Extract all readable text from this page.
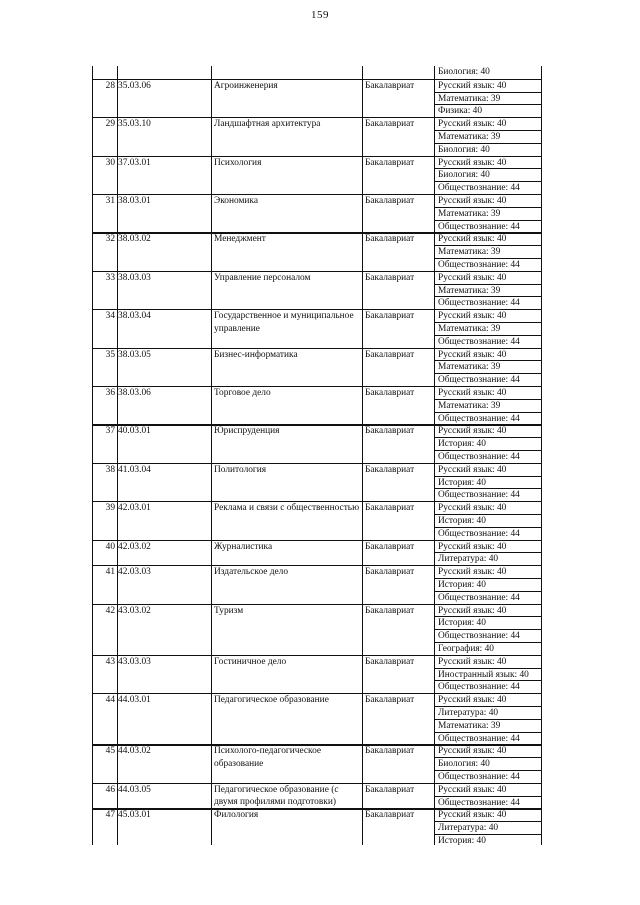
159
Биология: 40
28 35.03.06	Агроинженерия	Бакалавриат	Русский язык: 40
Математика: 39
Физика: 40
29 35.03.10	Ландшафтная архитектура	Бакалавриат	Русский язык: 40
Математика: 39
Биология: 40
30 37.03.01	Психология	Бакалавриат	Русский язык: 40
Биология: 40
Обществознание: 44
31 38.03.01	Экономика	Бакалавриат	Русский язык: 40
Математика: 39
Обществознание: 44
32 38.03.02	Менеджмент	Бакалавриат	Русский язык: 40
Математика: 39
Обществознание: 44
33 38.03.03	Управление персоналом	Бакалавриат	Русский язык: 40
Математика: 39
Обществознание: 44
34 38.03.04	Государственное и муниципальное управление
Бакалавриат	Русский язык: 40
Математика: 39
Обществознание: 44
35 38.03.05	Бизнес-информатика	Бакалавриат	Русский язык: 40
Математика: 39
Обществознание: 44
36 38.03.06	Торговое дело	Бакалавриат	Русский язык: 40
Математика: 39
Обществознание: 44
37 40.03.01	Юриспруденция	Бакалавриат	Русский язык: 40
История: 40
Обществознание: 44
38 41.03.04	Политология	Бакалавриат	Русский язык: 40
История: 40
Обществознание: 44
39 42.03.01	Реклама и связи с общественностью Бакалавриат	Русский язык: 40
История: 40
Обществознание: 44
40 42.03.02	Журналистика	Бакалавриат	Русский язык: 40
Литература: 40
41 42.03.03	Издательское дело	Бакалавриат	Русский язык: 40
История: 40
Обществознание: 44
42 43.03.02	Туризм	Бакалавриат	Русский язык: 40
История: 40
Обществознание: 44
География: 40
43 43.03.03	Гостиничное дело	Бакалавриат	Русский язык: 40
Иностранный язык: 40
Обществознание: 44
44 44.03.01	Педагогическое образование	Бакалавриат	Русский язык: 40
Литература: 40
Математика: 39
Обществознание: 44
45 44.03.02	Психолого-педагогическое образование
Бакалавриат	Русский язык: 40
Биология: 40
Обществознание: 44
46 44.03.05	Педагогическое образование (с двумя профилями подготовки)
Бакалавриат	Русский язык: 40
Обществознание: 44
47 45.03.01	Филология	Бакалавриат	Русский язык: 40
Литература: 40
История: 40
